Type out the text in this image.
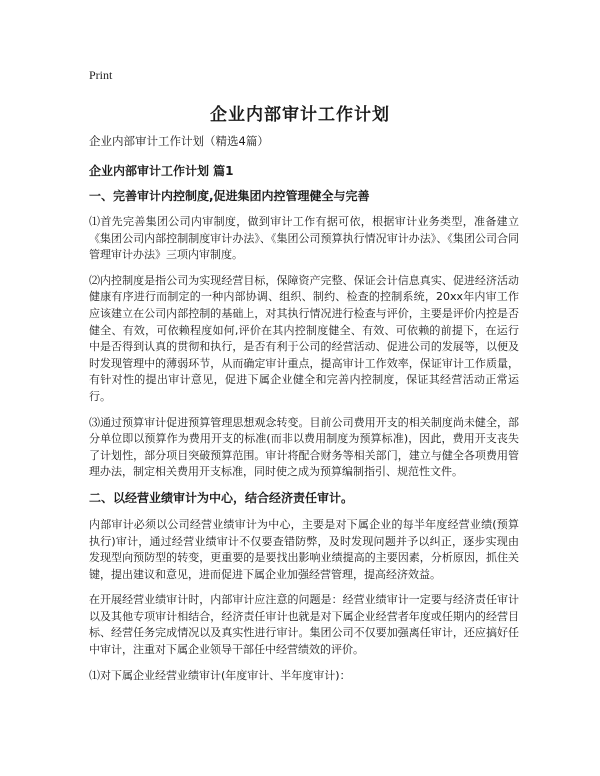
Print
企业内部审计工作计划

企业内部审计工作计划（精选4篇）

企业内部审计工作计划 篇1

一、完善审计内控制度,促进集团内控管理健全与完善

⑴首先完善集团公司内审制度，做到审计工作有据可依，根据审计业务类型，准备建立《集团公司内部控制制度审计办法》、《集团公司预算执行情况审计办法》、《集团公司合同管理审计办法》三项内审制度。

⑵内控制度是指公司为实现经营目标，保障资产完整、保证会计信息真实、促进经济活动健康有序进行而制定的一种内部协调、组织、制约、检查的控制系统，20xx年内审工作应该建立在公司内部控制的基础上，对其执行情况进行检查与评价，主要是评价内控是否健全、有效，可依赖程度如何,评价在其内控制度健全、有效、可依赖的前提下，在运行中是否得到认真的贯彻和执行，是否有利于公司的经营活动、促进公司的发展等，以便及时发现管理中的薄弱环节，从而确定审计重点，提高审计工作效率，保证审计工作质量，有针对性的提出审计意见，促进下属企业健全和完善内控制度，保证其经营活动正常运行。

⑶通过预算审计促进预算管理思想观念转变。目前公司费用开支的相关制度尚未健全，部分单位即以预算作为费用开支的标准(而非以费用制度为预算标准)，因此，费用开支丧失了计划性，部分项目突破预算范围。审计将配合财务等相关部门，建立与健全各项费用管理办法，制定相关费用开支标准，同时使之成为预算编制指引、规范性文件。

二、以经营业绩审计为中心，结合经济责任审计。

内部审计必须以公司经营业绩审计为中心，主要是对下属企业的每半年度经营业绩(预算执行)审计，通过经营业绩审计不仅要查错防弊，及时发现问题并予以纠正，逐步实现由发现型向预防型的转变，更重要的是要找出影响业绩提高的主要因素，分析原因，抓住关键，提出建议和意见，进而促进下属企业加强经营管理，提高经济效益。

在开展经营业绩审计时，内部审计应注意的问题是：经营业绩审计一定要与经济责任审计以及其他专项审计相结合，经济责任审计也就是对下属企业经营者年度或任期内的经营目标、经营任务完成情况以及真实性进行审计。集团公司不仅要加强离任审计，还应搞好任中审计，注重对下属企业领导干部任中经营绩效的评价。

⑴对下属企业经营业绩审计(年度审计、半年度审计)：
